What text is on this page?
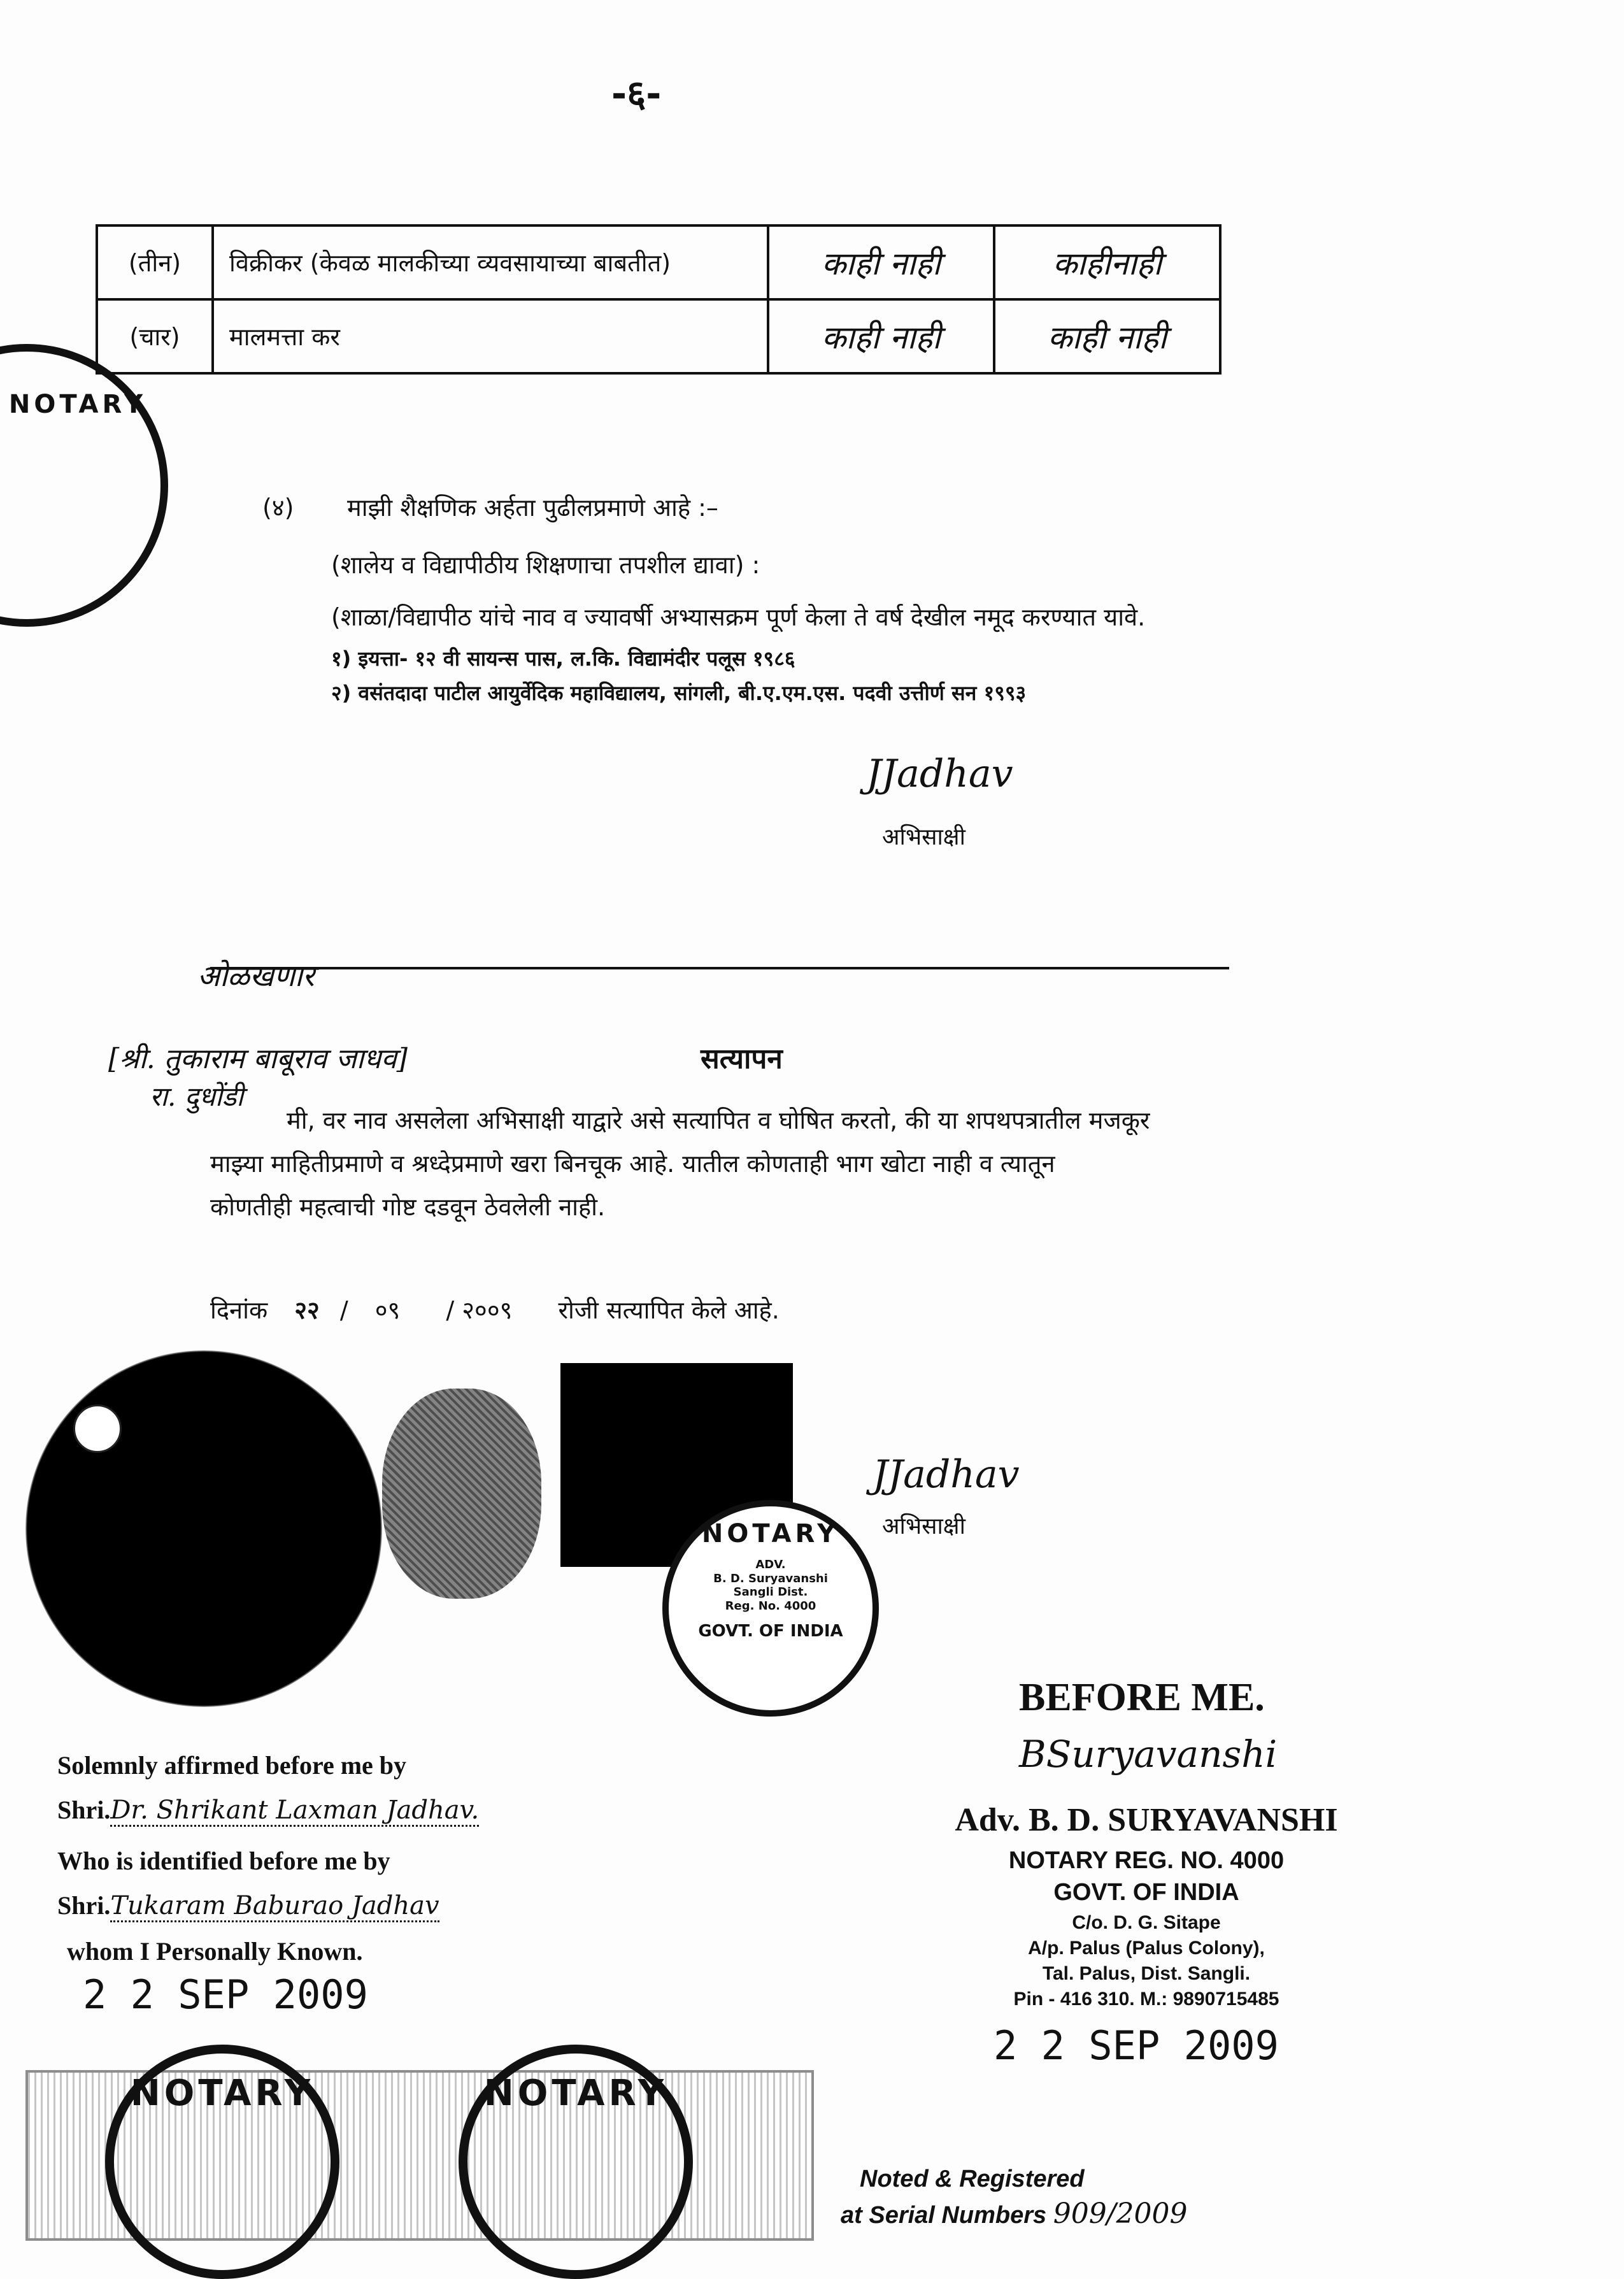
-६-
(तीन)	विक्रीकर (केवळ मालकीच्या व्यवसायाच्या बाबतीत)	काही नाही	काहीनाही
(चार)	मालमत्ता कर	काही नाही	काही नाही
NOTARY
(४) माझी शैक्षणिक अर्हता पुढीलप्रमाणे आहे :–
(शालेय व विद्यापीठीय शिक्षणाचा तपशील द्यावा) :
(शाळा/विद्यापीठ यांचे नाव व ज्यावर्षी अभ्यासक्रम पूर्ण केला ते वर्ष देखील नमूद करण्यात यावे.
१) इयत्ता- १२ वी सायन्स पास, ल.कि. विद्यामंदीर पलूस १९८६
२) वसंतदादा पाटील आयुर्वेदिक महाविद्यालय, सांगली, बी.ए.एम.एस. पदवी उत्तीर्ण सन १९९३
JJadhav
अभिसाक्षी
ओळखणार
[श्री. तुकाराम बाबूराव जाधव]
रा. दुधोंडी
सत्यापन
मी, वर नाव असलेला अभिसाक्षी याद्वारे असे सत्यापित व घोषित करतो, की या शपथपत्रातील मजकूर
माझ्या माहितीप्रमाणे व श्रध्देप्रमाणे खरा बिनचूक आहे. यातील कोणताही भाग खोटा नाही व त्यातून
कोणतीही महत्वाची गोष्ट दडवून ठेवलेली नाही.
दिनांक २२ / ०९ / २००९ रोजी सत्यापित केले आहे.
NOTARY
ADV.
B. D. Suryavanshi
Sangli Dist.
Reg. No. 4000
GOVT. OF INDIA
JJadhav
अभिसाक्षी
Solemnly affirmed before me by
Shri.Dr. Shrikant Laxman Jadhav.
Who is identified before me by
Shri.Tukaram Baburao Jadhav
whom I Personally Known.
2 2 SEP 2009
BEFORE ME.
BSuryavanshi
Adv. B. D. SURYAVANSHI
NOTARY REG. NO. 4000
GOVT. OF INDIA
C/o. D. G. Sitape
A/p. Palus (Palus Colony),
Tal. Palus, Dist. Sangli.
Pin - 416 310. M.: 9890715485
2 2 SEP 2009
NOTARY	NOTARY
Noted & Registered
at Serial Numbers 909/2009
